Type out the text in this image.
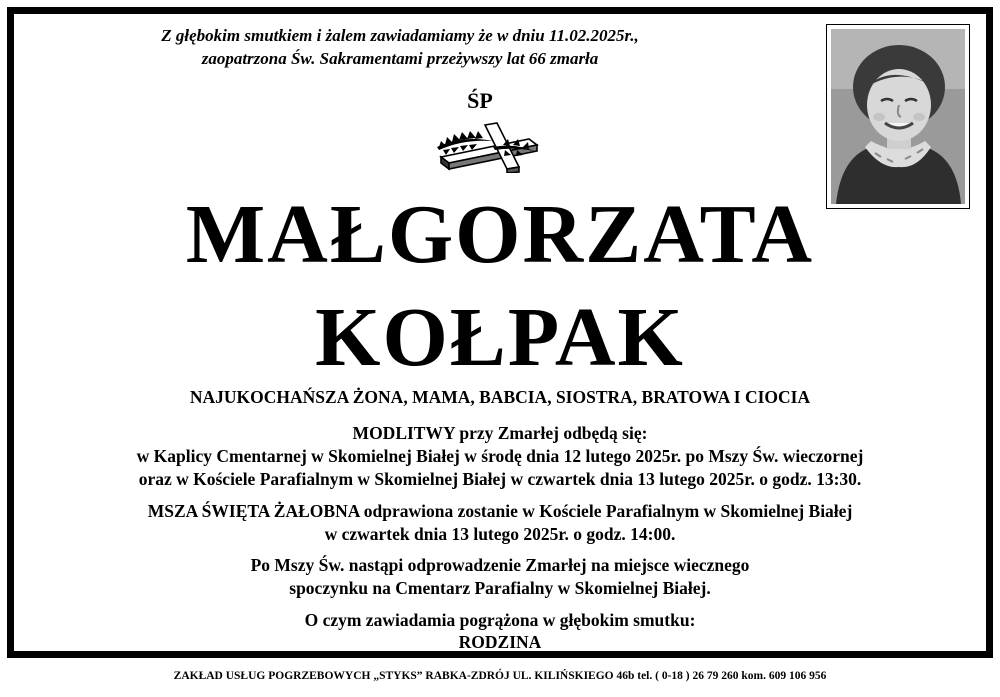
Z głębokim smutkiem i żalem zawiadamiamy że w dniu 11.02.2025r.,
zaopatrzona Św. Sakramentami przeżywszy lat 66 zmarła
ŚP
MAŁGORZATA
KOŁPAK
NAJUKOCHAŃSZA ŻONA, MAMA, BABCIA, SIOSTRA, BRATOWA I CIOCIA
MODLITWY przy Zmarłej odbędą się:
w Kaplicy Cmentarnej w Skomielnej Białej w środę dnia 12 lutego 2025r. po Mszy Św. wieczornej
oraz w Kościele Parafialnym w Skomielnej Białej w czwartek dnia 13 lutego 2025r. o godz. 13:30.
MSZA ŚWIĘTA ŻAŁOBNA odprawiona zostanie w Kościele Parafialnym w Skomielnej Białej
w czwartek dnia 13 lutego 2025r. o godz. 14:00.
Po Mszy Św. nastąpi odprowadzenie Zmarłej na miejsce wiecznego
spoczynku na Cmentarz Parafialny w Skomielnej Białej.
O czym zawiadamia pogrążona w głębokim smutku:
RODZINA
ZAKŁAD USŁUG POGRZEBOWYCH „STYKS” RABKA-ZDRÓJ UL. KILIŃSKIEGO 46b tel. ( 0-18 ) 26 79 260 kom. 609 106 956
